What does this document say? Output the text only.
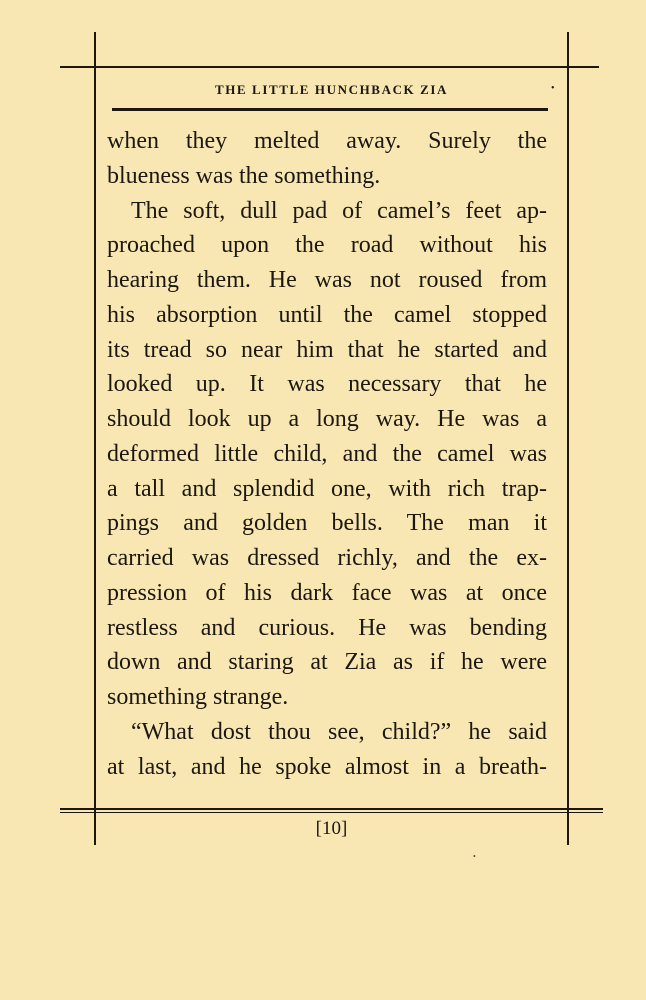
THE LITTLE HUNCHBACK ZIA	•
when they melted away. Surely the
blueness was the something.
The soft, dull pad of camel’s feet ap-
proached upon the road without his
hearing them. He was not roused from
his absorption until the camel stopped
its tread so near him that he started and
looked up. It was necessary that he
should look up a long way. He was a
deformed little child, and the camel was
a tall and splendid one, with rich trap-
pings and golden bells. The man it
carried was dressed richly, and the ex-
pression of his dark face was at once
restless and curious. He was bending
down and staring at Zia as if he were
something strange.
“What dost thou see, child?” he said
at last, and he spoke almost in a breath-
[10]
•
